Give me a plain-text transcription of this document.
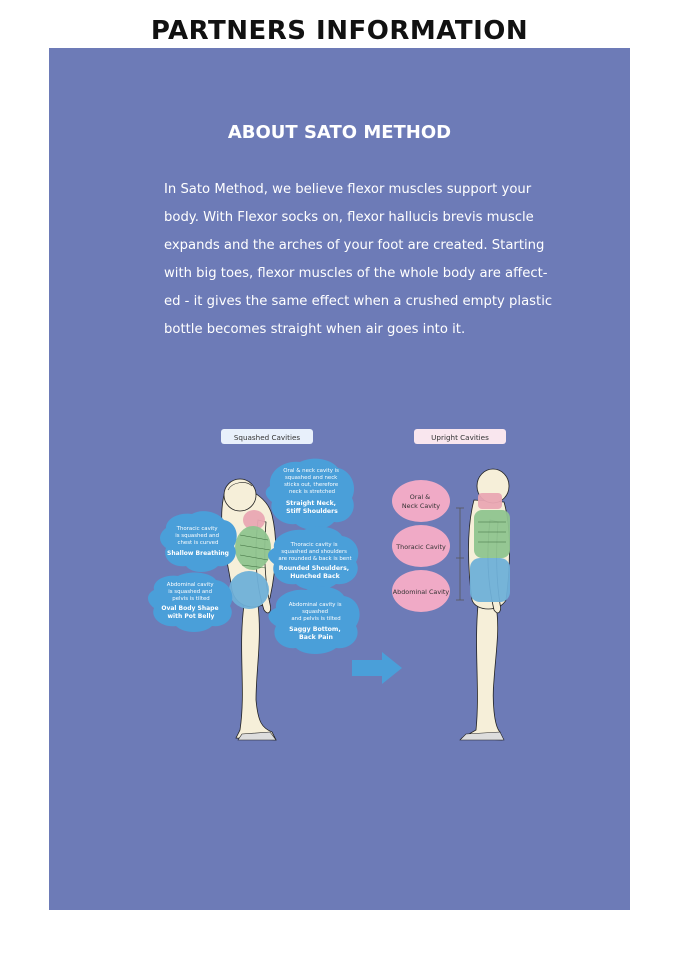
PARTNERS INFORMATION
ABOUT SATO METHOD

In Sato Method, we believe flexor muscles support your body. With Flexor socks on, flexor hallucis brevis muscle expands and the arches of your foot are created. Starting with big toes, flexor muscles of the whole body are affect-ed - it gives the same effect when a crushed empty plastic bottle becomes straight when air goes into it.

Squashed Cavities	Upright Cavities
Oral & neck cavity is squashed and neck sticks out, therefore neck is stretched
Straight Neck, Stiff Shoulders
Thoracic cavity is squashed and chest is curved
Shallow Breathing
Thoracic cavity is squashed and shoulders are rounded & back is bent
Rounded Shoulders, Hunched Back
Abdominal cavity is squashed and pelvis is tilted
Oval Body Shape with Pot Belly
Abdominal cavity is squashed and pelvis is tilted
Saggy Bottom, Back Pain
Oral & Neck Cavity
Thoracic Cavity
Abdominal Cavity
